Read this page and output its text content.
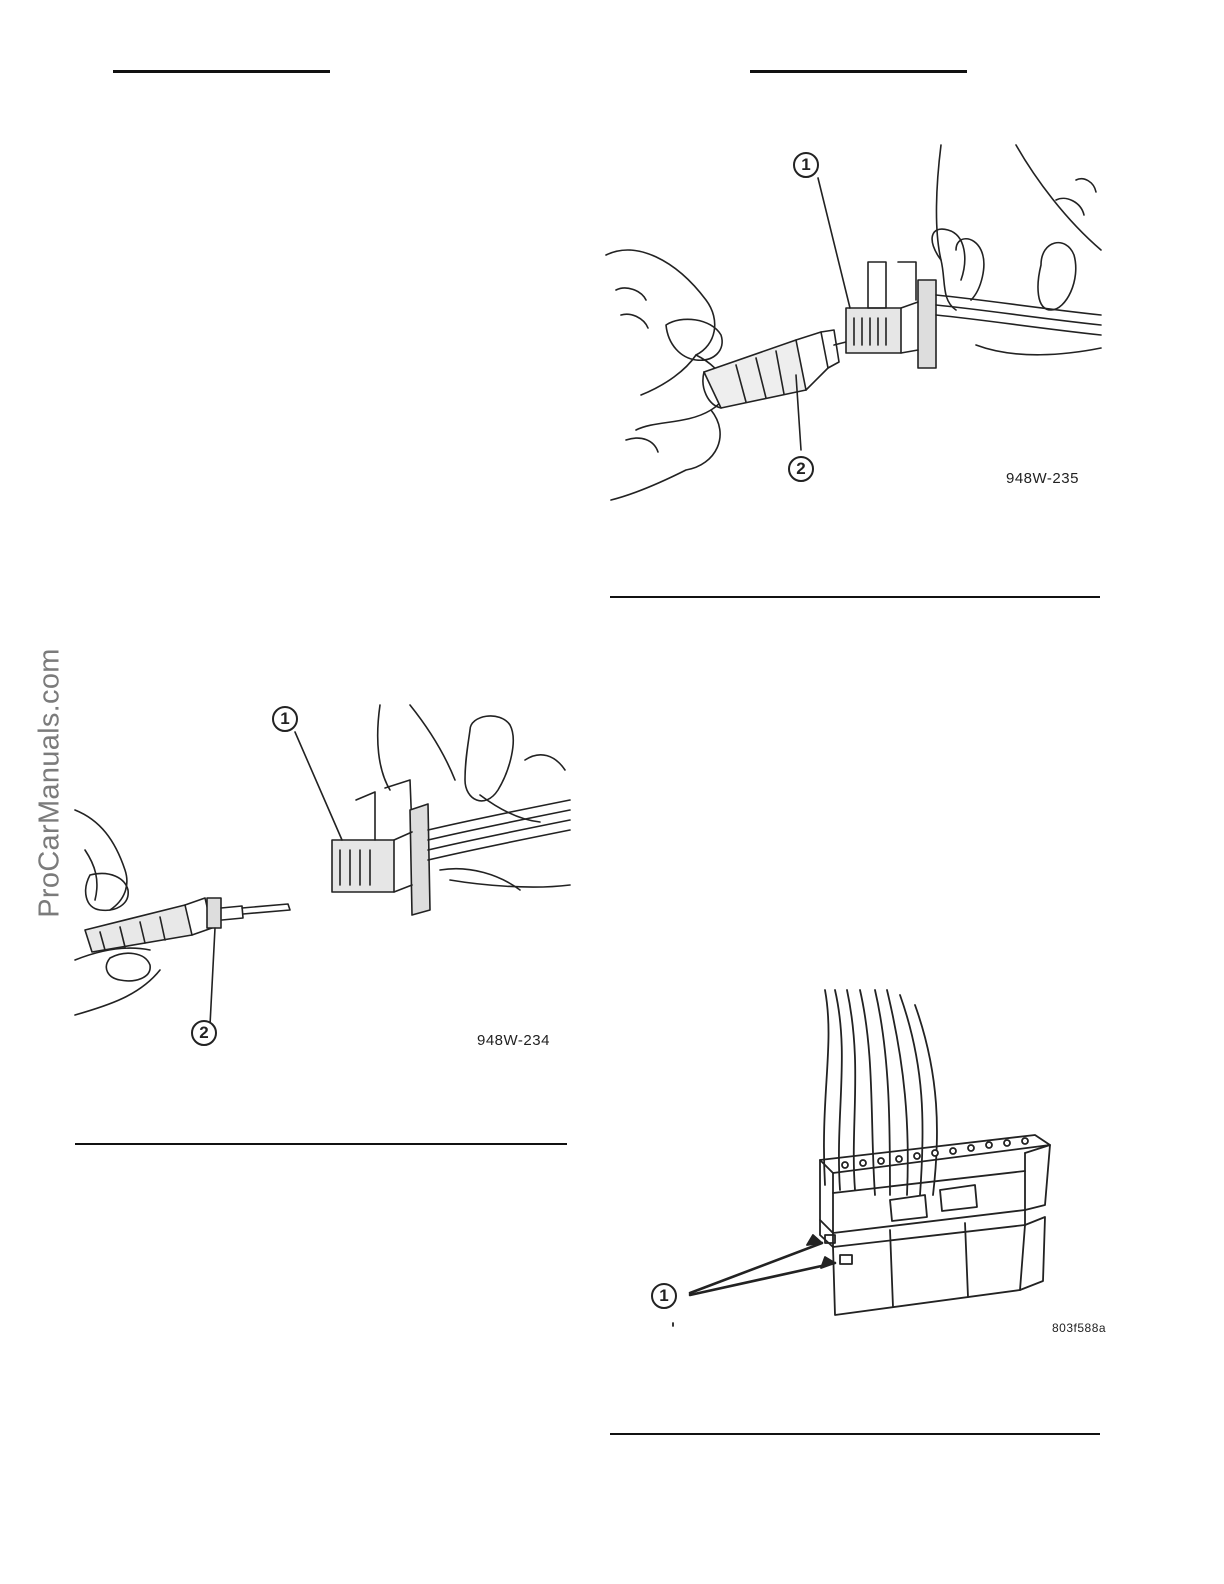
ProCarManuals.com
1
2
948W-235
1
2	948W-234
1
803f588a
